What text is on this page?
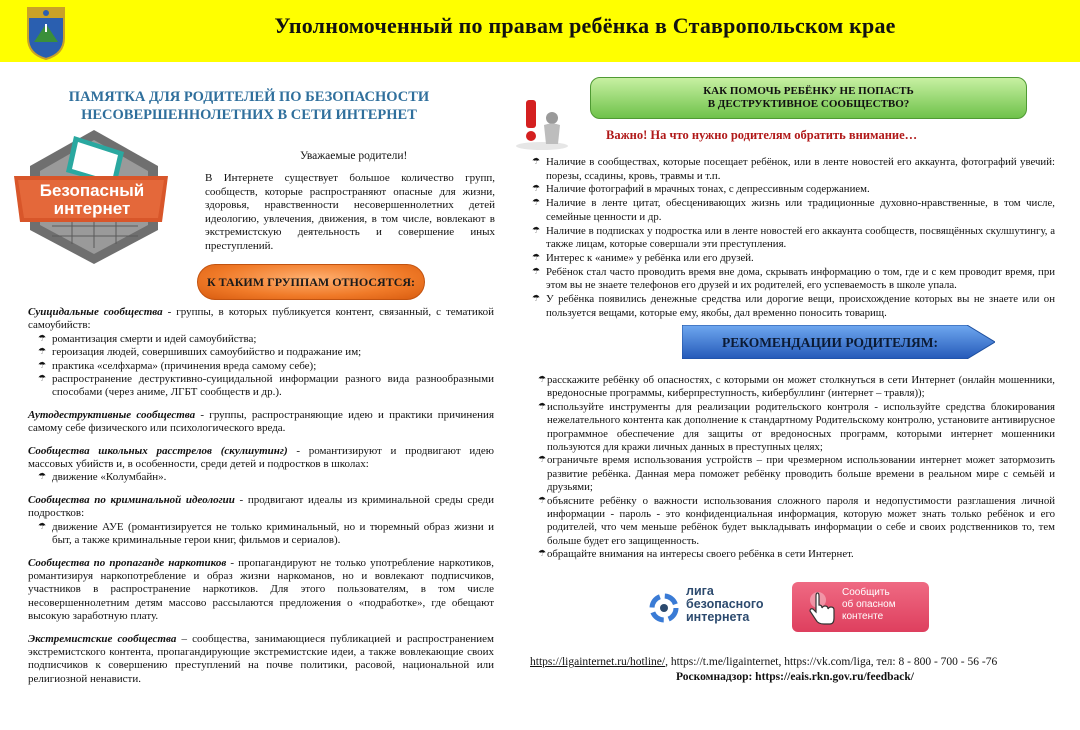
Уполномоченный по правам ребёнка в Ставропольском крае
ПАМЯТКА ДЛЯ РОДИТЕЛЕЙ ПО БЕЗОПАСНОСТИ
НЕСОВЕРШЕННОЛЕТНИХ В СЕТИ ИНТЕРНЕТ
Безопасный
интернет
Уважаемые родители!
В Интернете существует большое количество групп, сообществ, которые распространяют опасные для жизни, здоровья, нравственности несовершеннолетних детей идеологию, увлечения, движения, в том числе, вовлекают в экстремистскую деятельность и совершение иных преступлений.
К ТАКИМ ГРУППАМ ОТНОСЯТСЯ:
Суицидальные сообщества - группы, в которых публикуется контент, связанный, с тематикой самоубийств:
☂ романтизация смерти и идей самоубийства;
☂ героизация людей, совершивших самоубийство и подражание им;
☂ практика «селфхарма» (причинения вреда самому себе);
☂ распространение деструктивно-суицидальной информации разного вида разнообразными способами (через аниме, ЛГБТ сообществ и др.).
Аутодеструктивные сообщества - группы, распространяющие идею и практики причинения самому себе физического или психологического вреда.
Сообщества школьных расстрелов (скулшутинг) - романтизируют и продвигают идею массовых убийств и, в особенности, среди детей и подростков в школах:
☂ движение «Колумбайн».
Сообщества по криминальной идеологии - продвигают идеалы из криминальной среды среди подростков:
☂ движение АУЕ (романтизируется не только криминальный, но и тюремный образ жизни и быт, а также криминальные герои книг, фильмов и сериалов).
Сообщества по пропаганде наркотиков - пропагандируют не только употребление наркотиков, романтизируя наркопотребление и образ жизни наркоманов, но и вовлекают подписчиков, участников в распространение наркотиков. Для этого пользователям, в том числе несовершеннолетним детям массово рассылаются предложения о «подработке», где обещают высокую заработную плату.
Экстремистские сообщества – сообщества, занимающиеся публикацией и распространением экстремистского контента, пропагандирующие экстремистские идеи, а также вовлекающие своих подписчиков к совершению преступлений на почве политики, расовой, национальной или религиозной ненависти.
КАК ПОМОЧЬ РЕБЁНКУ НЕ ПОПАСТЬ
В ДЕСТРУКТИВНОЕ СООБЩЕСТВО?
Важно! На что нужно родителям обратить внимание…
☂ Наличие в сообществах, которые посещает ребёнок, или в ленте новостей его аккаунта, фотографий увечий: порезы, ссадины, кровь, травмы и т.п.
☂ Наличие фотографий в мрачных тонах, с депрессивным содержанием.
☂ Наличие в ленте цитат, обесценивающих жизнь или традиционные духовно-нравственные, в том числе, семейные ценности и др.
☂ Наличие в подписках у подростка или в ленте новостей его аккаунта сообществ, посвящённых скулшутингу, а также лицам, которые совершали эти преступления.
☂ Интерес к «аниме» у ребёнка или его друзей.
☂ Ребёнок стал часто проводить время вне дома, скрывать информацию о том, где и с кем проводит время, при этом вы не знаете телефонов его друзей и их родителей, его успеваемость в школе упала.
☂ У ребёнка появились денежные средства или дорогие вещи, происхождение которых вы не знаете или он пользуется вещами, которые ему, якобы, дал временно поносить товарищ.
РЕКОМЕНДАЦИИ РОДИТЕЛЯМ:
☂ расскажите ребёнку об опасностях, с которыми он может столкнуться в сети Интернет (онлайн мошенники, вредоносные программы, киберпреступность, кибербуллинг (интернет – травля));
☂ используйте инструменты для реализации родительского контроля - используйте средства блокирования нежелательного контента как дополнение к стандартному Родительскому контролю, установите антивирусное программное обеспечение для защиты от вредоносных программ, которыми интернет мошенники пользуются для кражи личных данных в преступных целях;
☂ ограничьте время использования устройств – при чрезмерном использовании интернет может затормозить развитие ребёнка. Данная мера поможет ребёнку проводить больше времени в реальном мире с семьёй и друзьями;
☂ объясните ребёнку о важности использования сложного пароля и недопустимости разглашения личной информации - пароль - это конфиденциальная информация, которую может знать только ребёнок и его родителей, что чем меньше ребёнок будет выкладывать информации о себе и своих родственников то, тем больше будет его защищенность.
☂ обращайте внимания на интересы своего ребёнка в сети Интернет.
лига
безопасного
интернета
Сообщить
об опасном
контенте
https://ligainternet.ru/hotline/, https://t.me/ligainternet, https://vk.com/liga, тел: 8 - 800 - 700 - 56 -76
Роскомнадзор: https://eais.rkn.gov.ru/feedback/
